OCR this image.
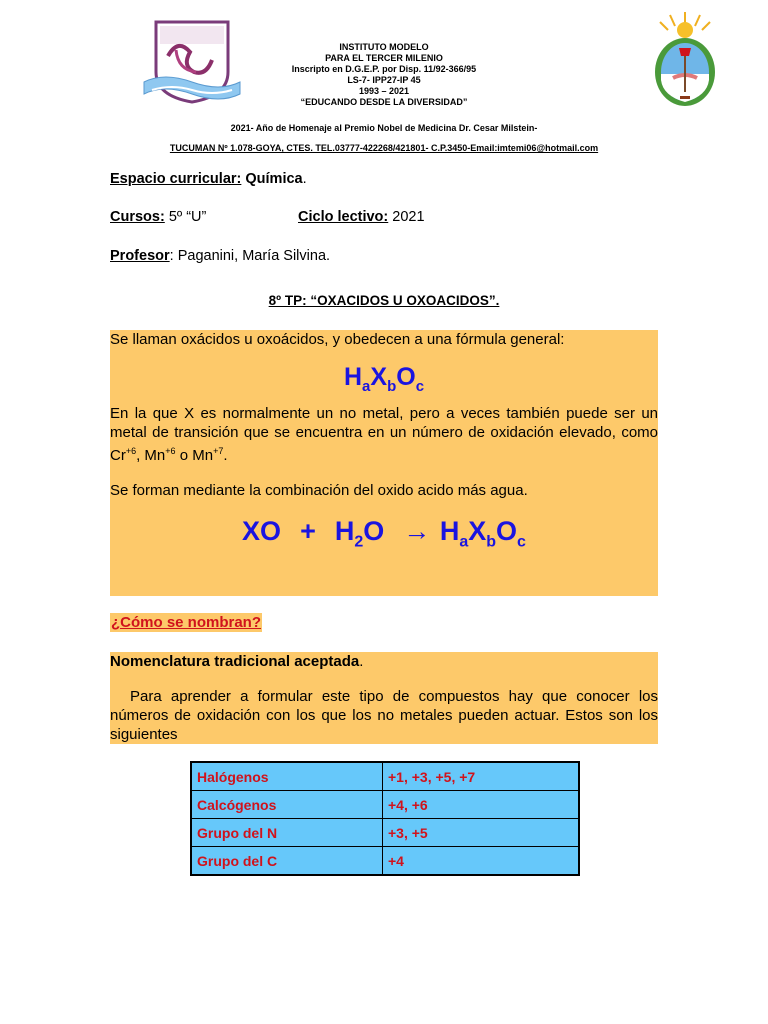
INSTITUTO MODELO
PARA EL TERCER MILENIO
Inscripto en D.G.E.P. por Disp. 11/92-366/95
LS-7- IPP27-IP 45
1993 – 2021
“EDUCANDO DESDE LA DIVERSIDAD”
2021- Año de Homenaje al Premio Nobel de Medicina Dr. Cesar Milstein-
TUCUMAN Nº 1.078-GOYA, CTES. TEL.03777-422268/421801- C.P.3450-Email:imtemi06@hotmail.com
Espacio curricular: Química.
Cursos: 5º “U”	Ciclo lectivo: 2021
Profesor: Paganini, María Silvina.
8º TP: “OXACIDOS U OXOACIDOS”.
Se llaman oxácidos u oxoácidos, y obedecen a una fórmula general:
$H_aX_bO_c$
En la que X es normalmente un no metal, pero a veces también puede ser un metal de transición que se encuentra en un número de oxidación elevado, como $Cr^{+6}$, $Mn^{+6}$ o $Mn^{+7}$.
Se forman mediante la combinación del oxido acido más agua.
XO + $H_2O \to H_aX_bO_c$
¿Cómo se nombran?
Nomenclatura tradicional aceptada.
Para aprender a formular este tipo de compuestos hay que conocer los números de oxidación con los que los no metales pueden actuar. Estos son los siguientes
Halógenos	+1, +3, +5, +7
Calcógenos	+4, +6
Grupo del N	+3, +5
Grupo del C	+4
